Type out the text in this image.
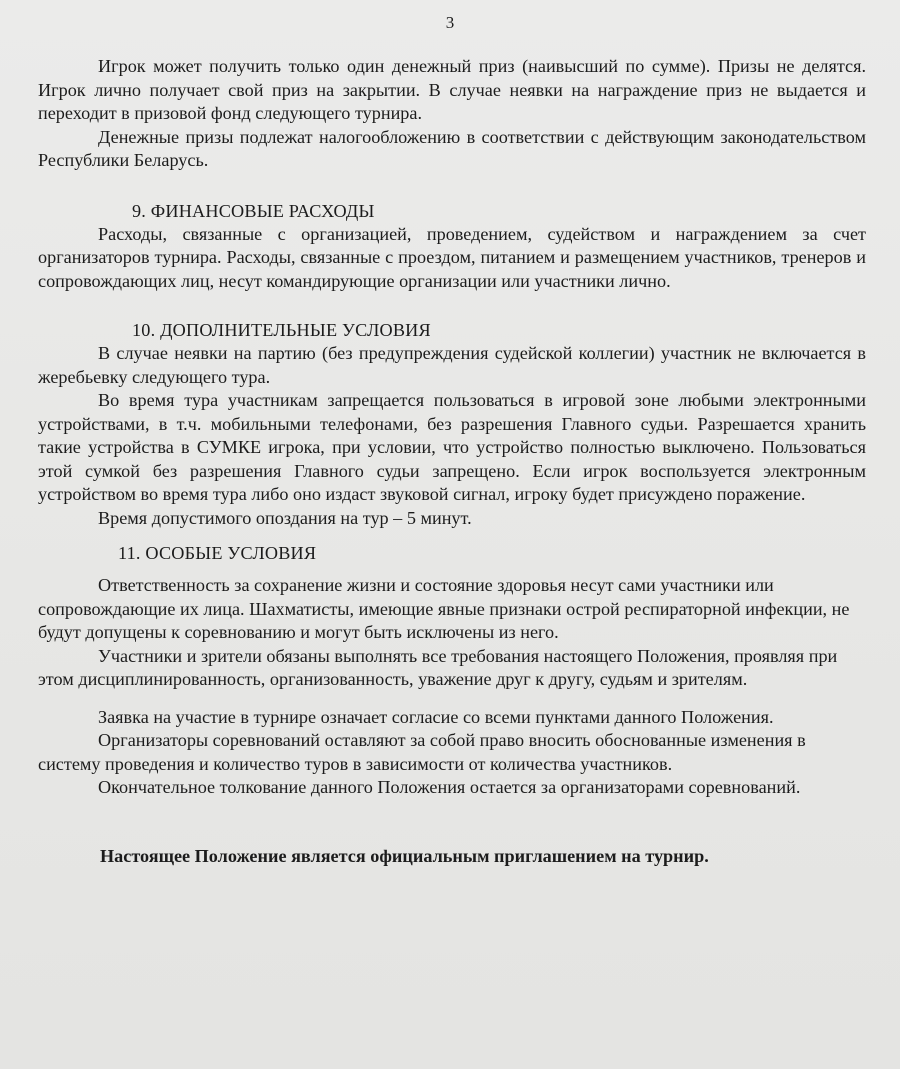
3

Игрок может получить только один денежный приз (наивысший по сумме). Призы не делятся. Игрок лично получает свой приз на закрытии. В случае неявки на награждение приз не выдается и переходит в призовой фонд следующего турнира.

Денежные призы подлежат налогообложению в соответствии с действующим законодательством Республики Беларусь.

9. ФИНАНСОВЫЕ РАСХОДЫ

Расходы, связанные с организацией, проведением, судейством и награждением за счет организаторов турнира. Расходы, связанные с проездом, питанием и размещением участников, тренеров и сопровождающих лиц, несут командирующие организации или участники лично.

10. ДОПОЛНИТЕЛЬНЫЕ УСЛОВИЯ

В случае неявки на партию (без предупреждения судейской коллегии) участник не включается в жеребьевку следующего тура.

Во время тура участникам запрещается пользоваться в игровой зоне любыми электронными устройствами, в т.ч. мобильными телефонами, без разрешения Главного судьи. Разрешается хранить такие устройства в СУМКЕ игрока, при условии, что устройство полностью выключено. Пользоваться этой сумкой без разрешения Главного судьи запрещено. Если игрок воспользуется электронным устройством во время тура либо оно издаст звуковой сигнал, игроку будет присуждено поражение.

Время допустимого опоздания на тур – 5 минут.

11. ОСОБЫЕ УСЛОВИЯ

Ответственность за сохранение жизни и состояние здоровья несут сами участники или сопровождающие их лица. Шахматисты, имеющие явные признаки острой респираторной инфекции, не будут допущены к соревнованию и могут быть исключены из него.

Участники и зрители обязаны выполнять все требования настоящего Положения, проявляя при этом дисциплинированность, организованность, уважение друг к другу, судьям и зрителям.

Заявка на участие в турнире означает согласие со всеми пунктами данного Положения.

Организаторы соревнований оставляют за собой право вносить обоснованные изменения в систему проведения и количество туров в зависимости от количества участников.

Окончательное толкование данного Положения остается за организаторами соревнований.

Настоящее Положение является официальным приглашением на турнир.
